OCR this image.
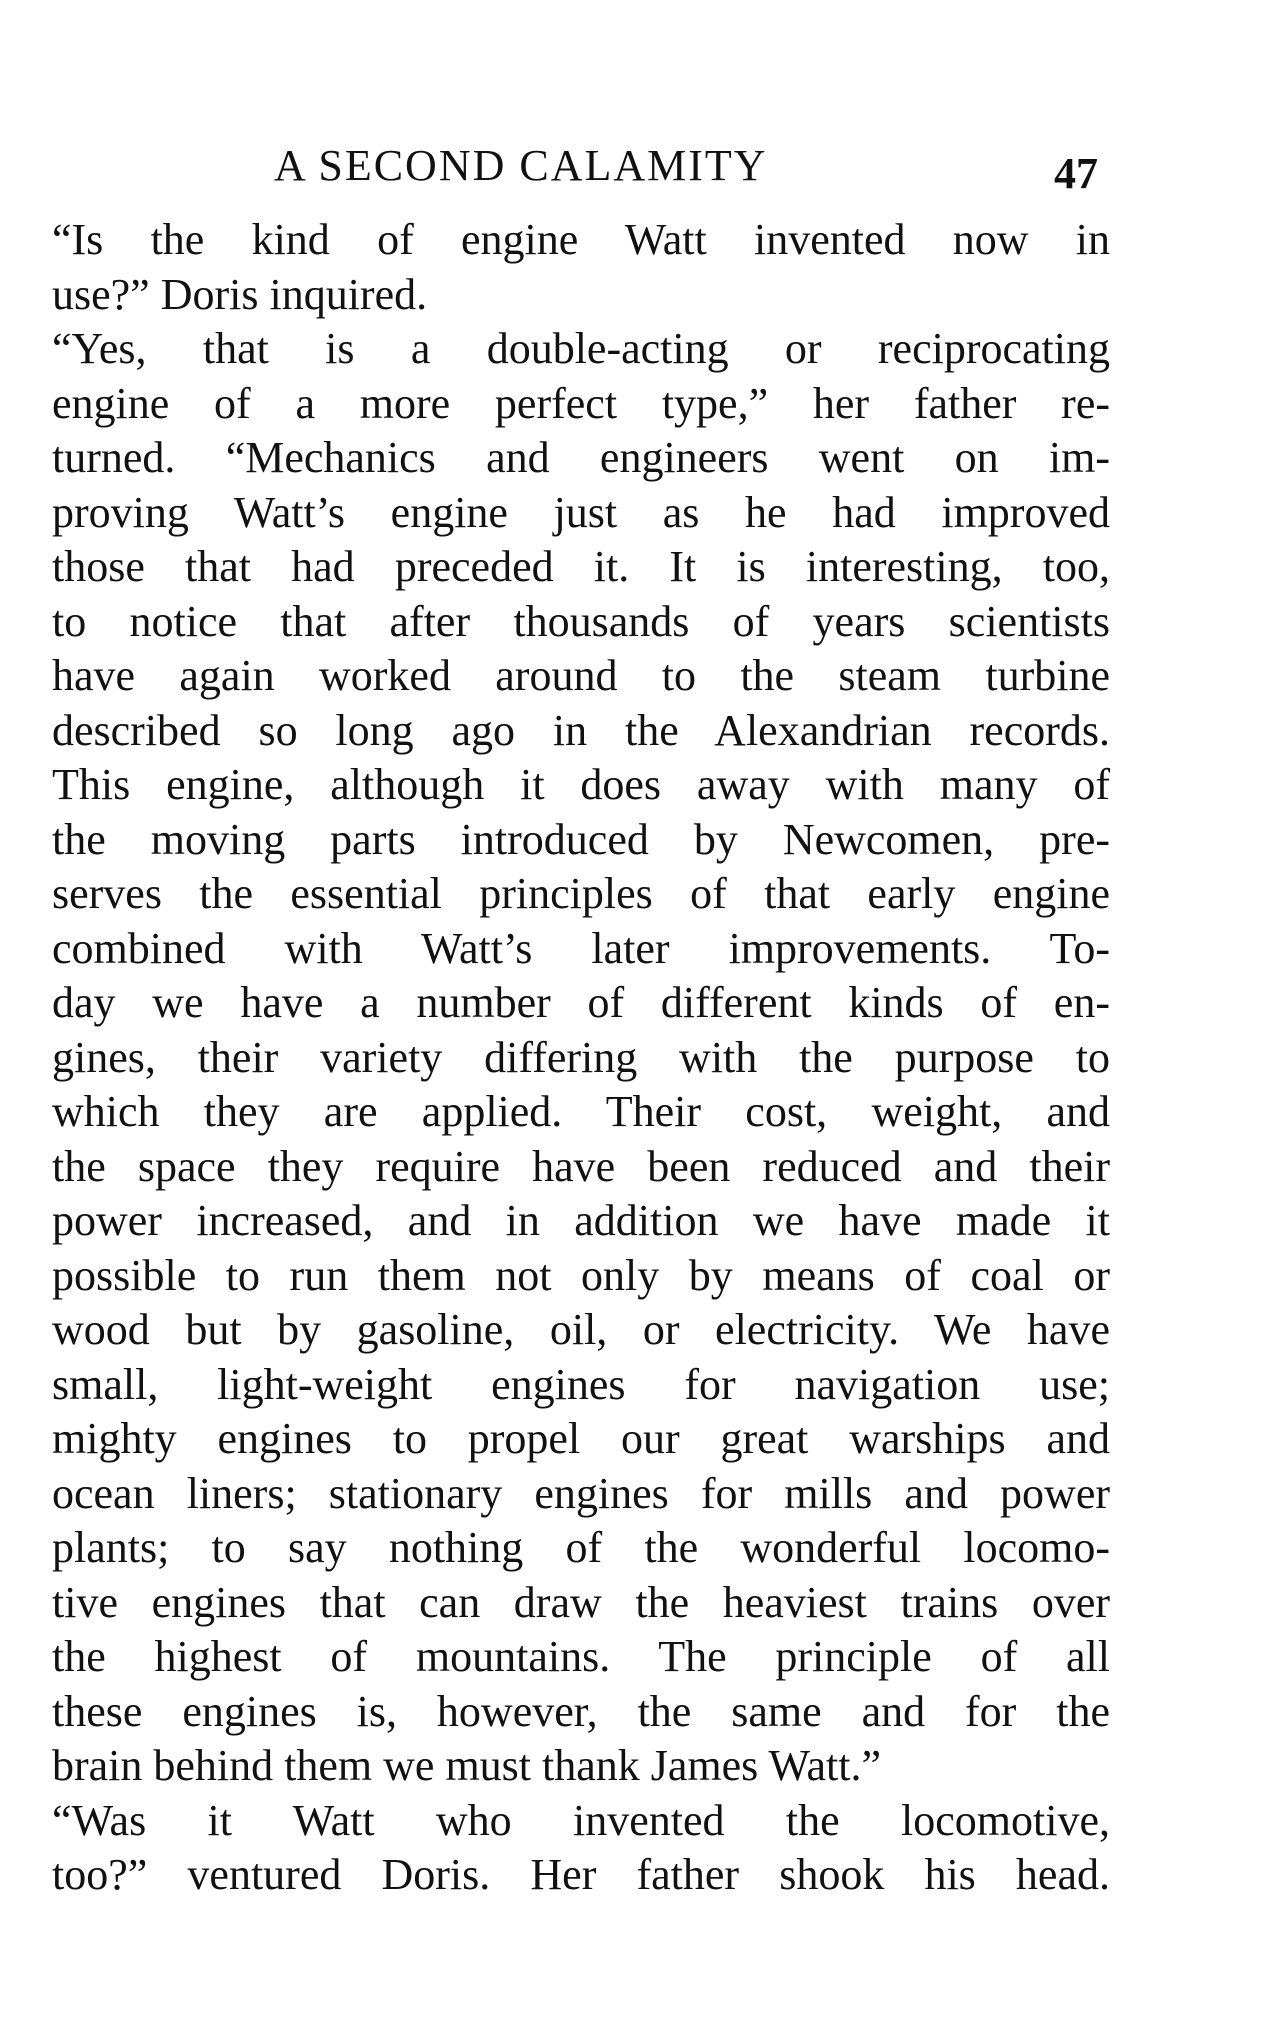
A SECOND CALAMITY	47
“Is the kind of engine Watt invented now in
use?” Doris inquired.
“Yes, that is a double-acting or reciprocating
engine of a more perfect type,” her father re-
turned. “Mechanics and engineers went on im-
proving Watt’s engine just as he had improved
those that had preceded it. It is interesting, too,
to notice that after thousands of years scientists
have again worked around to the steam turbine
described so long ago in the Alexandrian records.
This engine, although it does away with many of
the moving parts introduced by Newcomen, pre-
serves the essential principles of that early engine
combined with Watt’s later improvements. To-
day we have a number of different kinds of en-
gines, their variety differing with the purpose to
which they are applied. Their cost, weight, and
the space they require have been reduced and their
power increased, and in addition we have made it
possible to run them not only by means of coal or
wood but by gasoline, oil, or electricity. We have
small, light-weight engines for navigation use;
mighty engines to propel our great warships and
ocean liners; stationary engines for mills and power
plants; to say nothing of the wonderful locomo-
tive engines that can draw the heaviest trains over
the highest of mountains. The principle of all
these engines is, however, the same and for the
brain behind them we must thank James Watt.”
“Was it Watt who invented the locomotive,
too?” ventured Doris. Her father shook his head.
